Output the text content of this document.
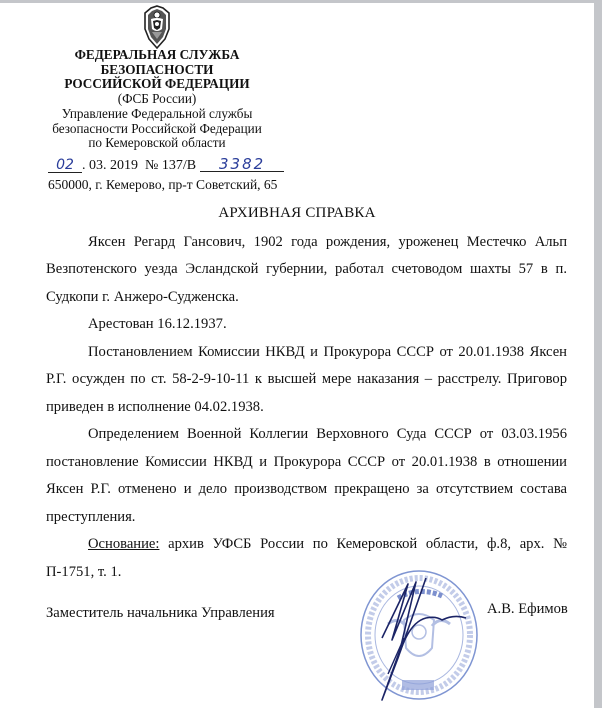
ФЕДЕРАЛЬНАЯ СЛУЖБА
БЕЗОПАСНОСТИ
РОССИЙСКОЙ ФЕДЕРАЦИИ
(ФСБ России)
Управление Федеральной службы
безопасности Российской Федерации
по Кемеровской области
02 . 03. 2019 № 137/В 3382
650000, г. Кемерово, пр-т Советский, 65
АРХИВНАЯ СПРАВКА

Яксен Регард Гансович, 1902 года рождения, уроженец Местечко Альп Везпотенского уезда Эсландской губернии, работал счетоводом шахты 57 в п. Судкопи г. Анжеро-Судженска.

Арестован 16.12.1937.

Постановлением Комиссии НКВД и Прокурора СССР от 20.01.1938 Яксен Р.Г. осужден по ст. 58-2-9-10-11 к высшей мере наказания – расстрелу. Приговор приведен в исполнение 04.02.1938.

Определением Военной Коллегии Верховного Суда СССР от 03.03.1956 постановление Комиссии НКВД и Прокурора СССР от 20.01.1938 в отношении Яксен Р.Г. отменено и дело производством прекращено за отсутствием состава преступления.

Основание: архив УФСБ России по Кемеровской области, ф.8, арх. № П-1751, т. 1.

Заместитель начальника Управления	А.В. Ефимов
